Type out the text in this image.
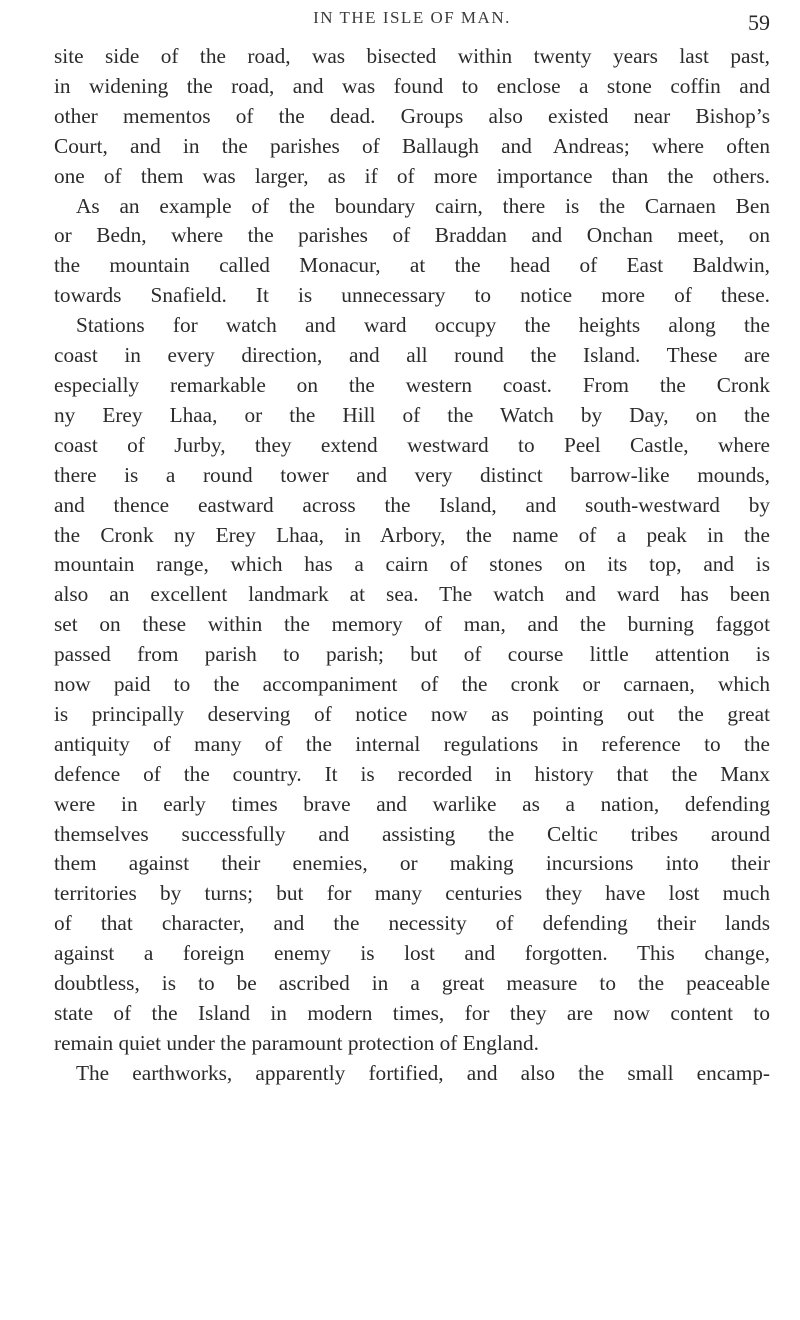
IN THE ISLE OF MAN.	59
site side of the road, was bisected within twenty years last past,
in widening the road, and was found to enclose a stone coffin and
other mementos of the dead. Groups also existed near Bishop’s
Court, and in the parishes of Ballaugh and Andreas; where often
one of them was larger, as if of more importance than the others.
As an example of the boundary cairn, there is the Carnaen Ben
or Bedn, where the parishes of Braddan and Onchan meet, on
the mountain called Monacur, at the head of East Baldwin,
towards Snafield. It is unnecessary to notice more of these.
Stations for watch and ward occupy the heights along the
coast in every direction, and all round the Island. These are
especially remarkable on the western coast. From the Cronk
ny Erey Lhaa, or the Hill of the Watch by Day, on the
coast of Jurby, they extend westward to Peel Castle, where
there is a round tower and very distinct barrow-like mounds,
and thence eastward across the Island, and south-westward by
the Cronk ny Erey Lhaa, in Arbory, the name of a peak in the
mountain range, which has a cairn of stones on its top, and is
also an excellent landmark at sea. The watch and ward has been
set on these within the memory of man, and the burning faggot
passed from parish to parish; but of course little attention is
now paid to the accompaniment of the cronk or carnaen, which
is principally deserving of notice now as pointing out the great
antiquity of many of the internal regulations in reference to the
defence of the country. It is recorded in history that the Manx
were in early times brave and warlike as a nation, defending
themselves successfully and assisting the Celtic tribes around
them against their enemies, or making incursions into their
territories by turns; but for many centuries they have lost much
of that character, and the necessity of defending their lands
against a foreign enemy is lost and forgotten. This change,
doubtless, is to be ascribed in a great measure to the peaceable
state of the Island in modern times, for they are now content to
remain quiet under the paramount protection of England.
The earthworks, apparently fortified, and also the small encamp-
